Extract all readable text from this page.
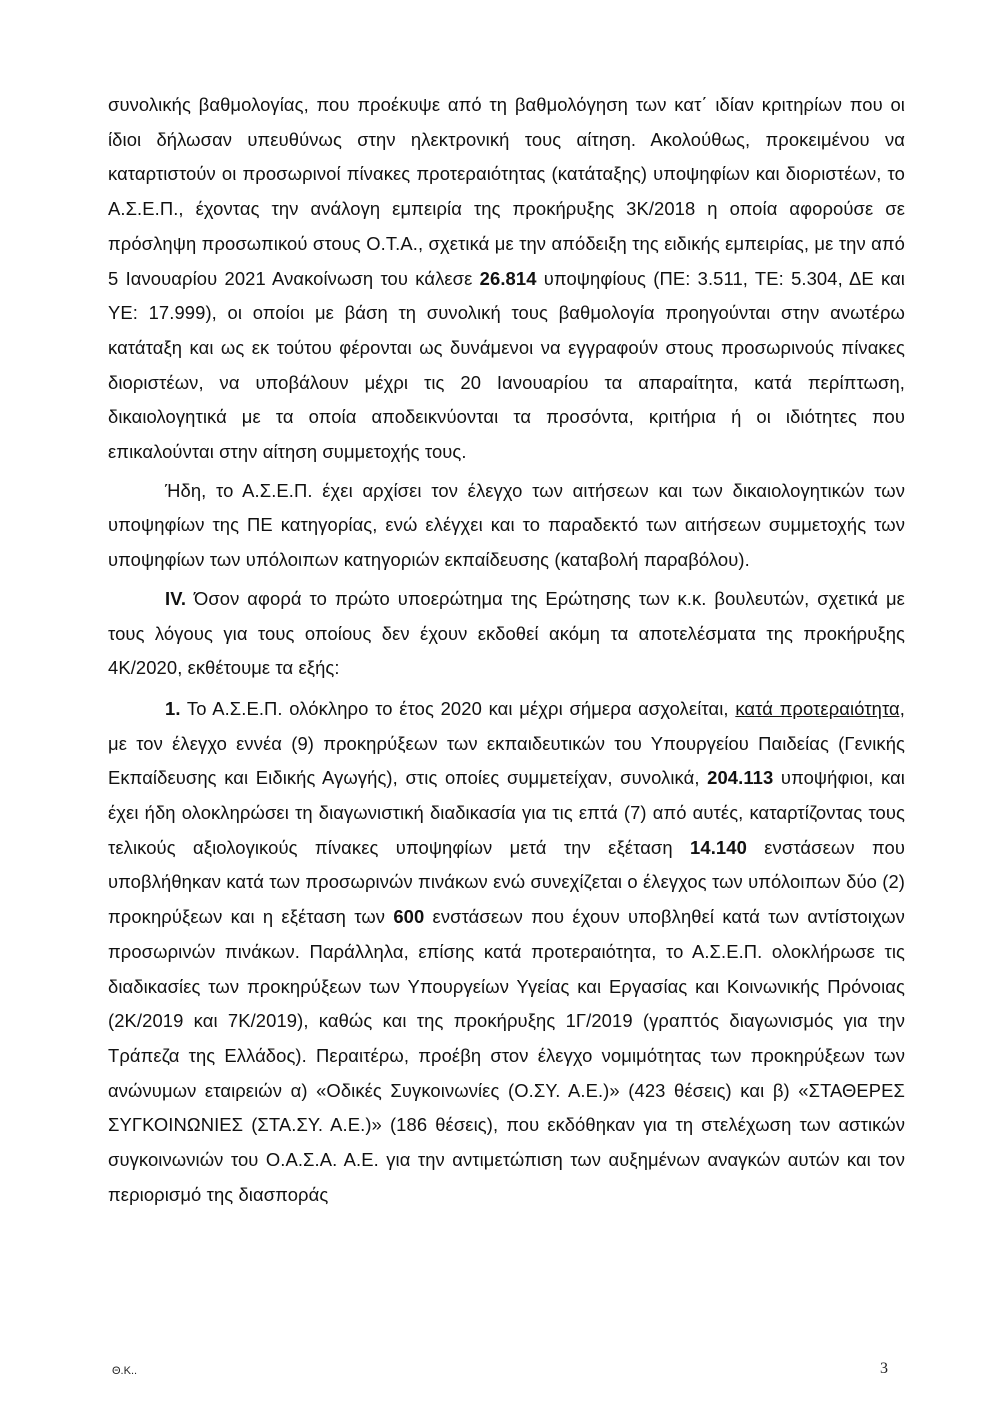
συνολικής βαθμολογίας, που προέκυψε από τη βαθμολόγηση των κατ΄ ιδίαν κριτηρίων που οι ίδιοι δήλωσαν υπευθύνως στην ηλεκτρονική τους αίτηση. Ακολούθως, προκειμένου να καταρτιστούν οι προσωρινοί πίνακες προτεραιότητας (κατάταξης) υποψηφίων και διοριστέων, το Α.Σ.Ε.Π., έχοντας την ανάλογη εμπειρία της προκήρυξης 3Κ/2018 η οποία αφορούσε σε πρόσληψη προσωπικού στους Ο.Τ.Α., σχετικά με την απόδειξη της ειδικής εμπειρίας, με την από 5 Ιανουαρίου 2021 Ανακοίνωση του κάλεσε 26.814 υποψηφίους (ΠΕ: 3.511, ΤΕ: 5.304, ΔΕ και ΥΕ: 17.999), οι οποίοι με βάση τη συνολική τους βαθμολογία προηγούνται στην ανωτέρω κατάταξη και ως εκ τούτου φέρονται ως δυνάμενοι να εγγραφούν στους προσωρινούς πίνακες διοριστέων, να υποβάλουν μέχρι τις 20 Ιανουαρίου τα απαραίτητα, κατά περίπτωση, δικαιολογητικά με τα οποία αποδεικνύονται τα προσόντα, κριτήρια ή οι ιδιότητες που επικαλούνται στην αίτηση συμμετοχής τους.

Ήδη, το Α.Σ.Ε.Π. έχει αρχίσει τον έλεγχο των αιτήσεων και των δικαιολογητικών των υποψηφίων της ΠΕ κατηγορίας, ενώ ελέγχει και το παραδεκτό των αιτήσεων συμμετοχής των υποψηφίων των υπόλοιπων κατηγοριών εκπαίδευσης (καταβολή παραβόλου).

IV. Όσον αφορά το πρώτο υποερώτημα της Ερώτησης των κ.κ. βουλευτών, σχετικά με τους λόγους για τους οποίους δεν έχουν εκδοθεί ακόμη τα αποτελέσματα της προκήρυξης 4Κ/2020, εκθέτουμε τα εξής:

1. Το Α.Σ.Ε.Π. ολόκληρο το έτος 2020 και μέχρι σήμερα ασχολείται, κατά προτεραιότητα, με τον έλεγχο εννέα (9) προκηρύξεων των εκπαιδευτικών του Υπουργείου Παιδείας (Γενικής Εκπαίδευσης και Ειδικής Αγωγής), στις οποίες συμμετείχαν, συνολικά, 204.113 υποψήφιοι, και έχει ήδη ολοκληρώσει τη διαγωνιστική διαδικασία για τις επτά (7) από αυτές, καταρτίζοντας τους τελικούς αξιολογικούς πίνακες υποψηφίων μετά την εξέταση 14.140 ενστάσεων που υποβλήθηκαν κατά των προσωρινών πινάκων ενώ συνεχίζεται ο έλεγχος των υπόλοιπων δύο (2) προκηρύξεων και η εξέταση των 600 ενστάσεων που έχουν υποβληθεί κατά των αντίστοιχων προσωρινών πινάκων. Παράλληλα, επίσης κατά προτεραιότητα, το Α.Σ.Ε.Π. ολοκλήρωσε τις διαδικασίες των προκηρύξεων των Υπουργείων Υγείας και Εργασίας και Κοινωνικής Πρόνοιας (2Κ/2019 και 7Κ/2019), καθώς και της προκήρυξης 1Γ/2019 (γραπτός διαγωνισμός για την Τράπεζα της Ελλάδος). Περαιτέρω, προέβη στον έλεγχο νομιμότητας των προκηρύξεων των ανώνυμων εταιρειών α) «Οδικές Συγκοινωνίες (Ο.ΣΥ. Α.Ε.)» (423 θέσεις) και β) «ΣΤΑΘΕΡΕΣ ΣΥΓΚΟΙΝΩΝΙΕΣ (ΣΤΑ.ΣΥ. Α.Ε.)» (186 θέσεις), που εκδόθηκαν για τη στελέχωση των αστικών συγκοινωνιών του Ο.Α.Σ.Α. Α.Ε. για την αντιμετώπιση των αυξημένων αναγκών αυτών και τον περιορισμό της διασποράς

Θ.Κ..	3
